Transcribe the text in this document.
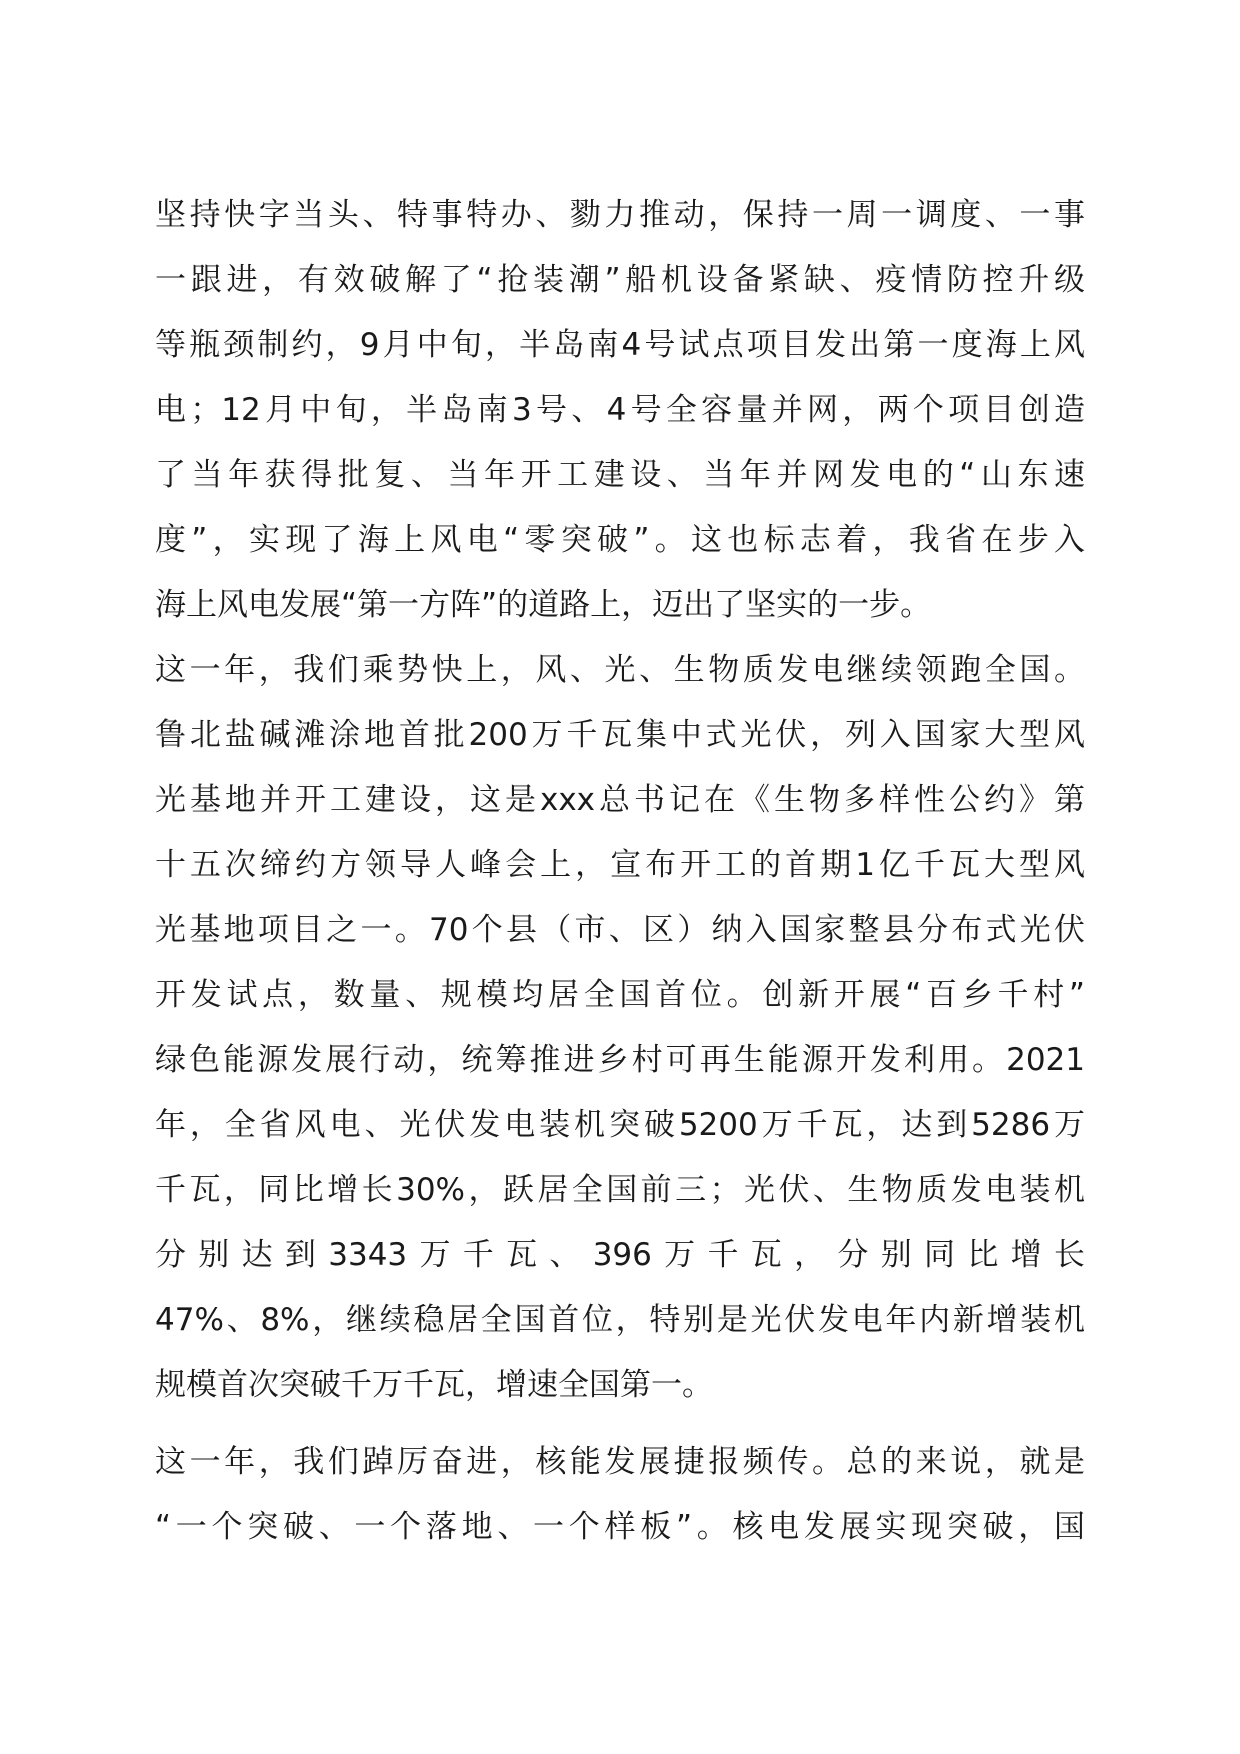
坚持快字当头、特事特办、勠力推动，保持一周一调度、一事
一跟进，有效破解了“抢装潮”船机设备紧缺、疫情防控升级
等瓶颈制约，9月中旬，半岛南4号试点项目发出第一度海上风
电；12月中旬，半岛南3号、4号全容量并网，两个项目创造
了当年获得批复、当年开工建设、当年并网发电的“山东速
度”，实现了海上风电“零突破”。这也标志着，我省在步入
海上风电发展“第一方阵”的道路上，迈出了坚实的一步。
这一年，我们乘势快上，风、光、生物质发电继续领跑全国。
鲁北盐碱滩涂地首批200万千瓦集中式光伏，列入国家大型风
光基地并开工建设，这是xxx总书记在《生物多样性公约》第
十五次缔约方领导人峰会上，宣布开工的首期1亿千瓦大型风
光基地项目之一。70个县（市、区）纳入国家整县分布式光伏
开发试点，数量、规模均居全国首位。创新开展“百乡千村”
绿色能源发展行动，统筹推进乡村可再生能源开发利用。2021
年，全省风电、光伏发电装机突破5200万千瓦，达到5286万
千瓦，同比增长30%，跃居全国前三；光伏、生物质发电装机
分别达到3343万千瓦、396万千瓦，分别同比增长
47%、8%，继续稳居全国首位，特别是光伏发电年内新增装机
规模首次突破千万千瓦，增速全国第一。
这一年，我们踔厉奋进，核能发展捷报频传。总的来说，就是
“一个突破、一个落地、一个样板”。核电发展实现突破，国
